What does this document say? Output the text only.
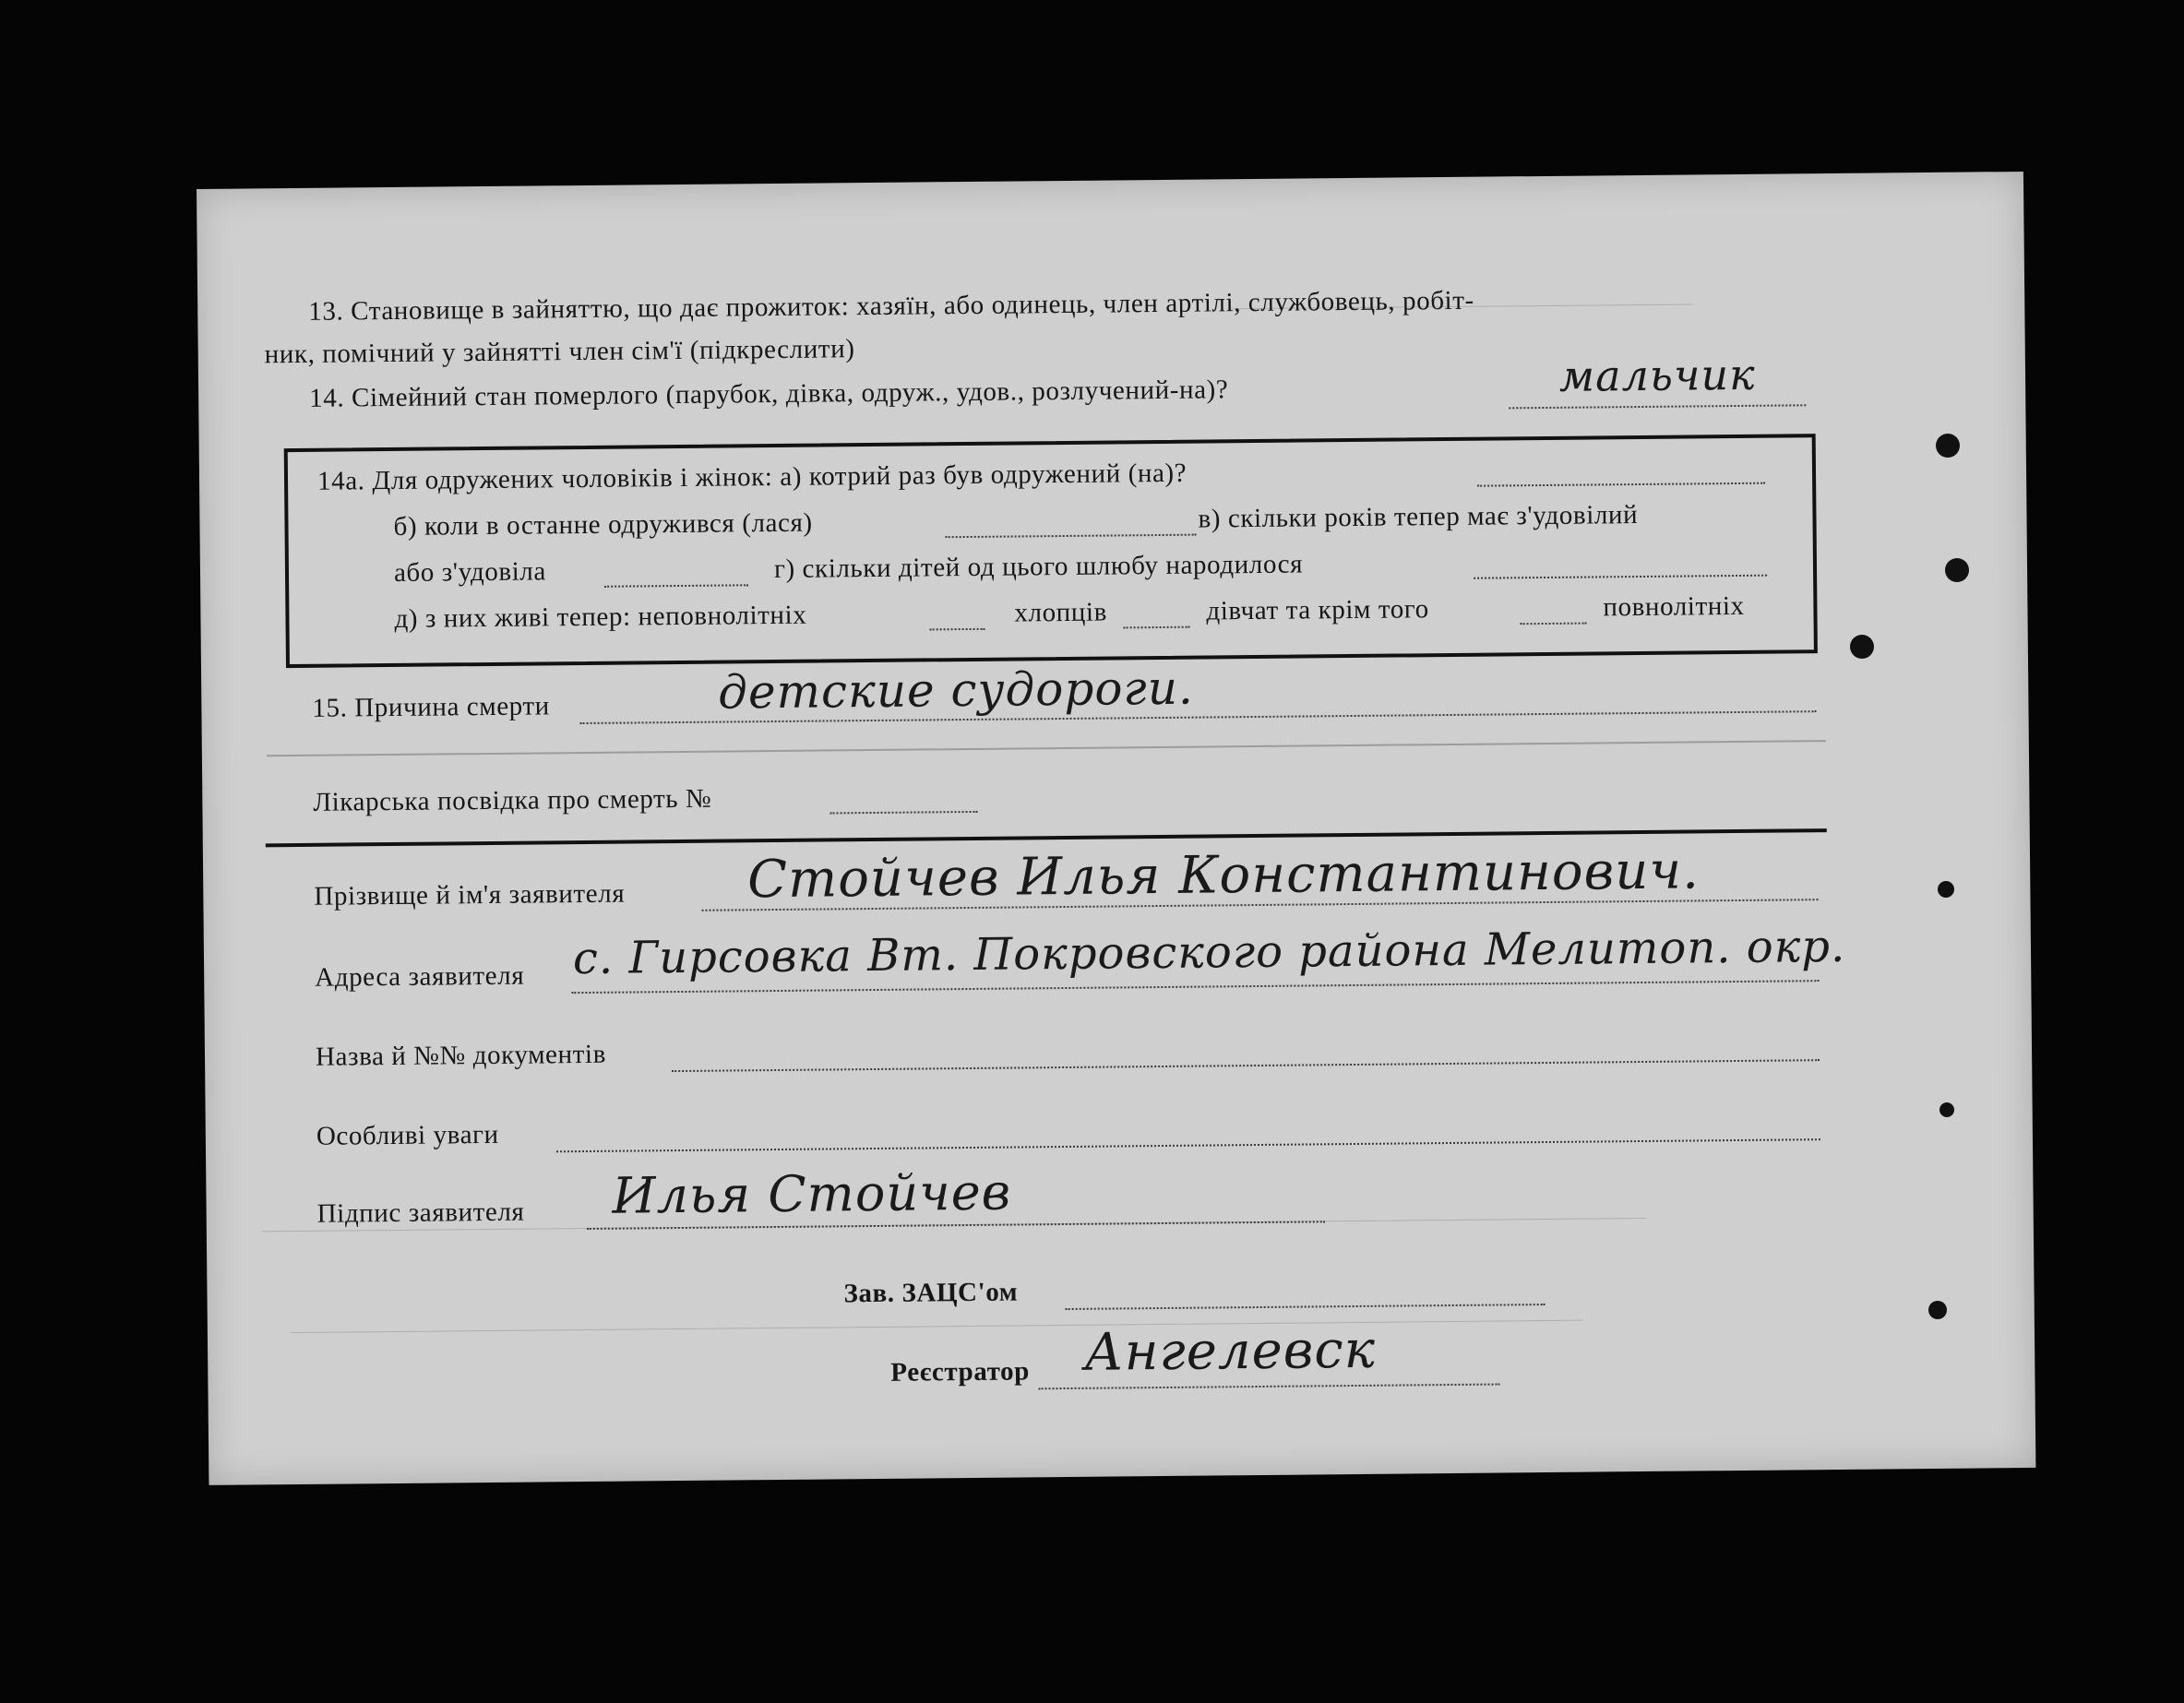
13. Становище в зайняттю, що дає прожиток: хазяїн, або одинець, член артілі, службовець, робіт-
ник, помічний у зайнятті член сім'ї (підкреслити)
14. Сімейний стан померлого (парубок, дівка, одруж., удов., розлучений-на)?	мальчик
14а. Для одружених чоловіків і жінок: а) котрий раз був одружений (на)?
б) коли в останне одружився (лася)	в) скільки років тепер має з'удовілий
або з'удовіла	г) скільки дітей од цього шлюбу народилося
д) з них живі тепер: неповнолітніх	хлопців	дівчат та крім того	повнолітніх
15. Причина смерти	детские судороги.
Лікарська посвідка про смерть №
Прізвище й ім'я заявителя Стойчев Илья Константинович.
Адреса заявителя с. Гирсовка Вт. Покровского района Мелитоп. окр.
Назва й №№ документів
Особливі уваги
Підпис заявителя Илья Стойчев
Зав. ЗАЦС'ом
Реєстратор Ангелевск
